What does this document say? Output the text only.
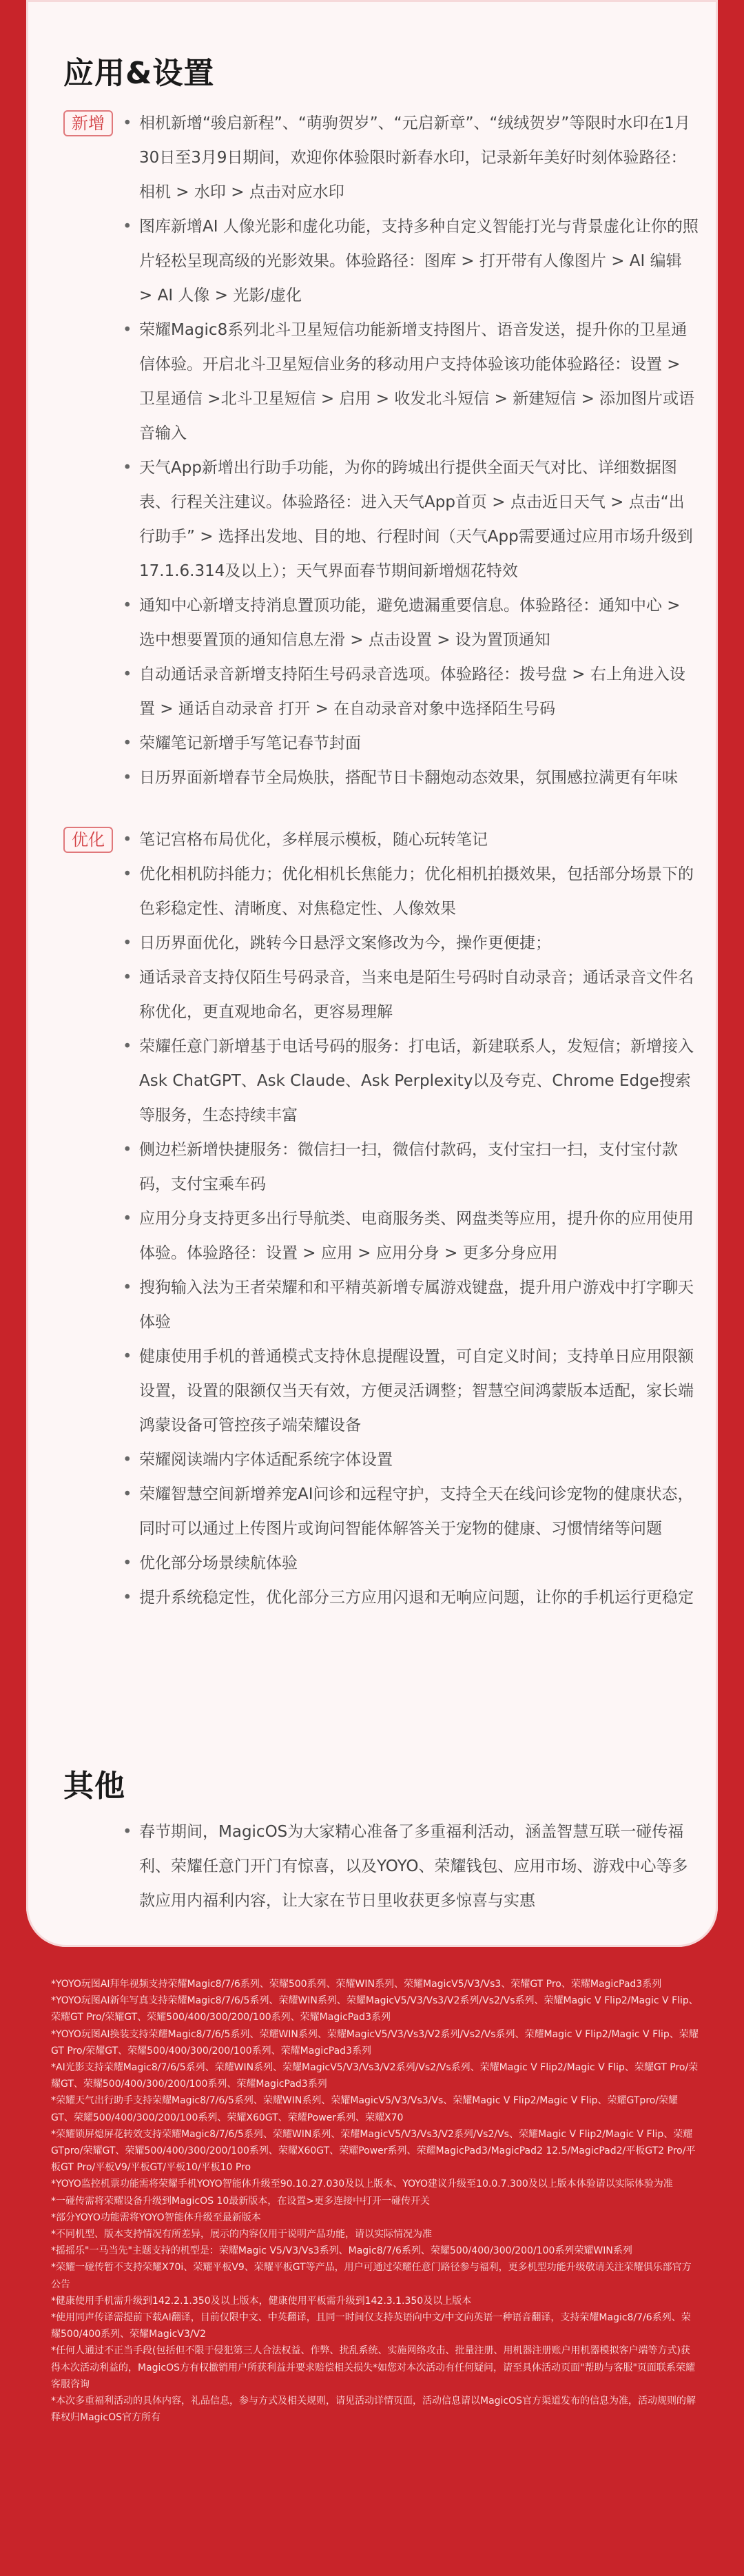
应用&设置
新增	• 相机新增“骏启新程”、“萌驹贺岁”、“元启新章”、“绒绒贺岁”等限时水印在1月30日至3月9日期间，欢迎你体验限时新春水印，记录新年美好时刻体验路径：相机 > 水印 > 点击对应水印
• 图库新增AI 人像光影和虚化功能，支持多种自定义智能打光与背景虚化让你的照片轻松呈现高级的光影效果。体验路径：图库 > 打开带有人像图片 > AI 编辑 > AI 人像 > 光影/虚化
• 荣耀Magic8系列北斗卫星短信功能新增支持图片、语音发送，提升你的卫星通信体验。开启北斗卫星短信业务的移动用户支持体验该功能体验路径：设置 > 卫星通信 >北斗卫星短信 > 启用 > 收发北斗短信 > 新建短信 > 添加图片或语音输入
• 天气App新增出行助手功能，为你的跨城出行提供全面天气对比、详细数据图表、行程关注建议。体验路径：进入天气App首页 > 点击近日天气 > 点击“出行助手” > 选择出发地、目的地、行程时间（天气App需要通过应用市场升级到17.1.6.314及以上）；天气界面春节期间新增烟花特效
• 通知中心新增支持消息置顶功能，避免遗漏重要信息。体验路径：通知中心 > 选中想要置顶的通知信息左滑 > 点击设置 > 设为置顶通知
• 自动通话录音新增支持陌生号码录音选项。体验路径：拨号盘 > 右上角进入设置 > 通话自动录音 打开 > 在自动录音对象中选择陌生号码
• 荣耀笔记新增手写笔记春节封面
• 日历界面新增春节全局焕肤，搭配节日卡翻炮动态效果，氛围感拉满更有年味
优化	• 笔记宫格布局优化，多样展示模板，随心玩转笔记
• 优化相机防抖能力；优化相机长焦能力；优化相机拍摄效果，包括部分场景下的色彩稳定性、清晰度、对焦稳定性、人像效果
• 日历界面优化，跳转今日悬浮文案修改为今，操作更便捷；
• 通话录音支持仅陌生号码录音，当来电是陌生号码时自动录音；通话录音文件名称优化，更直观地命名，更容易理解
• 荣耀任意门新增基于电话号码的服务：打电话，新建联系人，发短信；新增接入Ask ChatGPT、Ask Claude、Ask Perplexity以及夸克、Chrome Edge搜索等服务，生态持续丰富
• 侧边栏新增快捷服务：微信扫一扫，微信付款码，支付宝扫一扫，支付宝付款码，支付宝乘车码
• 应用分身支持更多出行导航类、电商服务类、网盘类等应用，提升你的应用使用体验。体验路径：设置 > 应用 > 应用分身 > 更多分身应用
• 搜狗输入法为王者荣耀和和平精英新增专属游戏键盘，提升用户游戏中打字聊天体验
• 健康使用手机的普通模式支持休息提醒设置，可自定义时间；支持单日应用限额设置，设置的限额仅当天有效，方便灵活调整；智慧空间鸿蒙版本适配，家长端鸿蒙设备可管控孩子端荣耀设备
• 荣耀阅读端内字体适配系统字体设置
• 荣耀智慧空间新增养宠AI问诊和远程守护，支持全天在线问诊宠物的健康状态，同时可以通过上传图片或询问智能体解答关于宠物的健康、习惯情绪等问题
• 优化部分场景续航体验
• 提升系统稳定性，优化部分三方应用闪退和无响应问题，让你的手机运行更稳定
其他
• 春节期间，MagicOS为大家精心准备了多重福利活动，涵盖智慧互联一碰传福利、荣耀任意门开门有惊喜，以及YOYO、荣耀钱包、应用市场、游戏中心等多款应用内福利内容，让大家在节日里收获更多惊喜与实惠

*YOYO玩图AI拜年视频支持荣耀Magic8/7/6系列、荣耀500系列、荣耀WIN系列、荣耀MagicV5/V3/Vs3、荣耀GT Pro、荣耀MagicPad3系列

*YOYO玩图AI新年写真支持荣耀Magic8/7/6/5系列、荣耀WIN系列、荣耀MagicV5/V3/Vs3/V2系列/Vs2/Vs系列、荣耀Magic V Flip2/Magic V Flip、荣耀GT Pro/荣耀GT、荣耀500/400/300/200/100系列、荣耀MagicPad3系列

*YOYO玩图AI换装支持荣耀Magic8/7/6/5系列、荣耀WIN系列、荣耀MagicV5/V3/Vs3/V2系列/Vs2/Vs系列、荣耀Magic V Flip2/Magic V Flip、荣耀GT Pro/荣耀GT、荣耀500/400/300/200/100系列、荣耀MagicPad3系列

*AI光影支持荣耀Magic8/7/6/5系列、荣耀WIN系列、荣耀MagicV5/V3/Vs3/V2系列/Vs2/Vs系列、荣耀Magic V Flip2/Magic V Flip、荣耀GT Pro/荣耀GT、荣耀500/400/300/200/100系列、荣耀MagicPad3系列

*荣耀天气出行助手支持荣耀Magic8/7/6/5系列、荣耀WIN系列、荣耀MagicV5/V3/Vs3/Vs、荣耀Magic V Flip2/Magic V Flip、荣耀GTpro/荣耀GT、荣耀500/400/300/200/100系列、荣耀X60GT、荣耀Power系列、荣耀X70

*荣耀锁屏熄屏花转效支持荣耀Magic8/7/6/5系列、荣耀WIN系列、荣耀MagicV5/V3/Vs3/V2系列/Vs2/Vs、荣耀Magic V Flip2/Magic V Flip、荣耀GTpro/荣耀GT、荣耀500/400/300/200/100系列、荣耀X60GT、荣耀Power系列、荣耀MagicPad3/MagicPad2 12.5/MagicPad2/平板GT2 Pro/平板GT Pro/平板V9/平板GT/平板10/平板10 Pro

*YOYO监控机票功能需将荣耀手机YOYO智能体升级至90.10.27.030及以上版本、YOYO建议升级至10.0.7.300及以上版本体验请以实际体验为准

*一碰传需将荣耀设备升级到MagicOS 10最新版本，在设置>更多连接中打开一碰传开关

*部分YOYO功能需将YOYO智能体升级至最新版本

*不同机型、版本支持情况有所差异，展示的内容仅用于说明产品功能，请以实际情况为准

*摇摇乐"一马当先"主题支持的机型是：荣耀Magic V5/V3/Vs3系列、Magic8/7/6系列、荣耀500/400/300/200/100系列荣耀WIN系列

*荣耀一碰传暂不支持荣耀X70i、荣耀平板V9、荣耀平板GT等产品，用户可通过荣耀任意门路径参与福利，更多机型功能升级敬请关注荣耀俱乐部官方公告

*健康使用手机需升级到142.2.1.350及以上版本，健康使用平板需升级到142.3.1.350及以上版本

*使用同声传译需提前下载AI翻译，目前仅限中文、中英翻译，且同一时间仅支持英语向中文/中文向英语一种语音翻译，支持荣耀Magic8/7/6系列、荣耀500/400系列、荣耀MagicV3/V2

*任何人通过不正当手段(包括但不限于侵犯第三人合法权益、作弊、扰乱系统、实施网络攻击、批量注册、用机器注册账户用机器模拟客户端等方式)获得本次活动利益的，MagicOS方有权撤销用户所获利益并要求赔偿相关损失*如您对本次活动有任何疑问，请至具体活动页面"帮助与客服"页面联系荣耀客服咨询

*本次多重福利活动的具体内容，礼品信息，参与方式及相关规则，请见活动详情页面，活动信息请以MagicOS官方渠道发布的信息为准，活动规则的解释权归MagicOS官方所有
